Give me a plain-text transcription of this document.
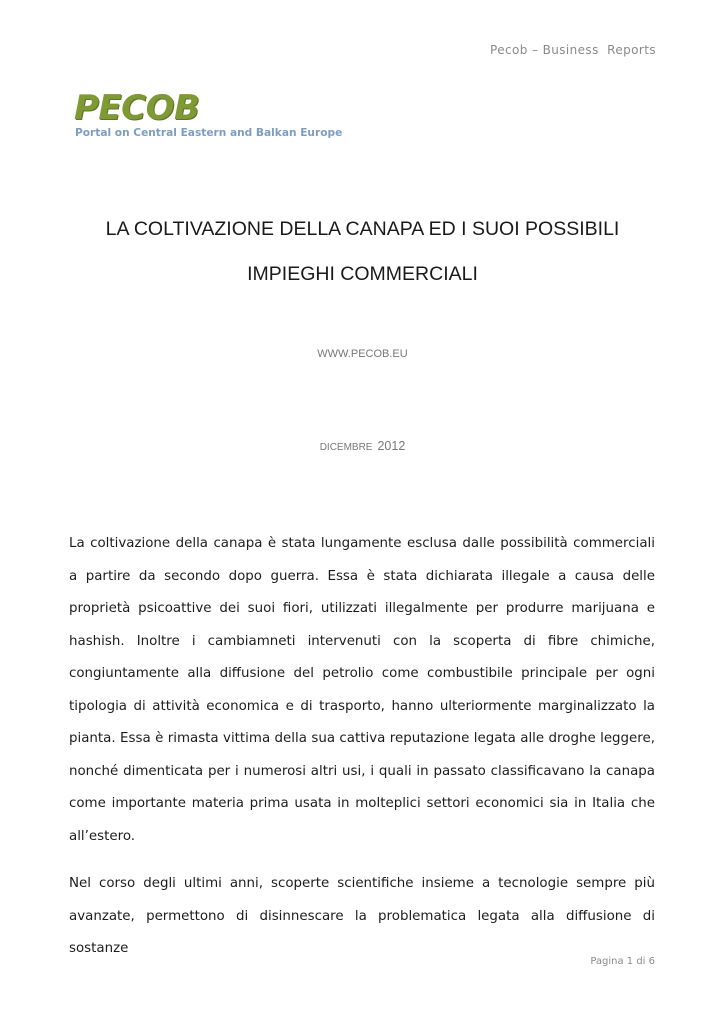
Pecob – Business  Reports
PECOB
Portal on Central Eastern and Balkan Europe
LA COLTIVAZIONE DELLA CANAPA ED I SUOI POSSIBILI
IMPIEGHI COMMERCIALI
WWW.PECOB.EU
DICEMBRE 2012

La coltivazione della canapa è stata lungamente esclusa dalle possibilità commerciali a partire da secondo dopo guerra. Essa è stata dichiarata illegale a causa delle proprietà psicoattive dei suoi fiori, utilizzati illegalmente per produrre marijuana e hashish. Inoltre i cambiamneti intervenuti con la scoperta di fibre chimiche, congiuntamente alla diffusione del petrolio come combustibile principale per ogni tipologia di attività economica e di trasporto, hanno ulteriormente marginalizzato la pianta. Essa è rimasta vittima della sua cattiva reputazione legata alle droghe leggere, nonché dimenticata per i numerosi altri usi, i quali in passato classificavano la canapa come importante materia prima usata in molteplici settori economici sia in Italia che all’estero.

Nel corso degli ultimi anni, scoperte scientifiche insieme a tecnologie sempre più avanzate, permettono di disinnescare la problematica legata alla diffusione di sostanze

Pagina 1 di 6
